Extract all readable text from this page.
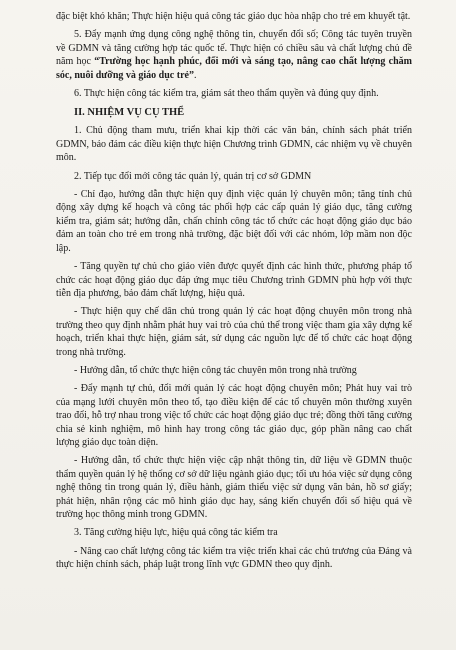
đặc biệt khó khăn; Thực hiện hiệu quả công tác giáo dục hòa nhập cho trẻ em khuyết tật.

5. Đẩy mạnh ứng dụng công nghệ thông tin, chuyển đổi số; Công tác tuyên truyền về GDMN và tăng cường hợp tác quốc tế. Thực hiện có chiều sâu và chất lượng chủ đề năm học “Trường học hạnh phúc, đổi mới và sáng tạo, nâng cao chất lượng chăm sóc, nuôi dưỡng và giáo dục trẻ”.

6. Thực hiện công tác kiểm tra, giám sát theo thẩm quyền và đúng quy định.

II. NHIỆM VỤ CỤ THỂ

1. Chủ động tham mưu, triển khai kịp thời các văn bản, chính sách phát triển GDMN, bảo đảm các điều kiện thực hiện Chương trình GDMN, các nhiệm vụ về chuyên môn.

2. Tiếp tục đổi mới công tác quản lý, quản trị cơ sở GDMN

- Chỉ đạo, hướng dẫn thực hiện quy định việc quản lý chuyên môn; tăng tính chủ động xây dựng kế hoạch và công tác phối hợp các cấp quản lý giáo dục, tăng cường kiểm tra, giám sát; hướng dẫn, chấn chỉnh công tác tổ chức các hoạt động giáo dục bảo đảm an toàn cho trẻ em trong nhà trường, đặc biệt đối với các nhóm, lớp mầm non độc lập.

- Tăng quyền tự chủ cho giáo viên được quyết định các hình thức, phương pháp tổ chức các hoạt động giáo dục đáp ứng mục tiêu Chương trình GDMN phù hợp với thực tiễn địa phương, bảo đảm chất lượng, hiệu quả.

- Thực hiện quy chế dân chủ trong quản lý các hoạt động chuyên môn trong nhà trường theo quy định nhằm phát huy vai trò của chủ thể trong việc tham gia xây dựng kế hoạch, triển khai thực hiện, giám sát, sử dụng các nguồn lực để tổ chức các hoạt động trong nhà trường.

- Hướng dẫn, tổ chức thực hiện công tác chuyên môn trong nhà trường

- Đẩy mạnh tự chủ, đổi mới quản lý các hoạt động chuyên môn; Phát huy vai trò của mạng lưới chuyên môn theo tổ, tạo điều kiện để các tổ chuyên môn thường xuyên trao đổi, hỗ trợ nhau trong việc tổ chức các hoạt động giáo dục trẻ; đồng thời tăng cường chia sẻ kinh nghiệm, mô hình hay trong công tác giáo dục, góp phần nâng cao chất lượng giáo dục toàn diện.

- Hướng dẫn, tổ chức thực hiện việc cập nhật thông tin, dữ liệu về GDMN thuộc thẩm quyền quản lý hệ thống cơ sở dữ liệu ngành giáo dục; tối ưu hóa việc sử dụng công nghệ thông tin trong quản lý, điều hành, giảm thiểu việc sử dụng văn bản, hồ sơ giấy; phát hiện, nhân rộng các mô hình giáo dục hay, sáng kiến chuyển đổi số hiệu quả về trường học thông minh trong GDMN.

3. Tăng cường hiệu lực, hiệu quả công tác kiểm tra

- Nâng cao chất lượng công tác kiểm tra việc triển khai các chủ trương của Đảng và thực hiện chính sách, pháp luật trong lĩnh vực GDMN theo quy định.
